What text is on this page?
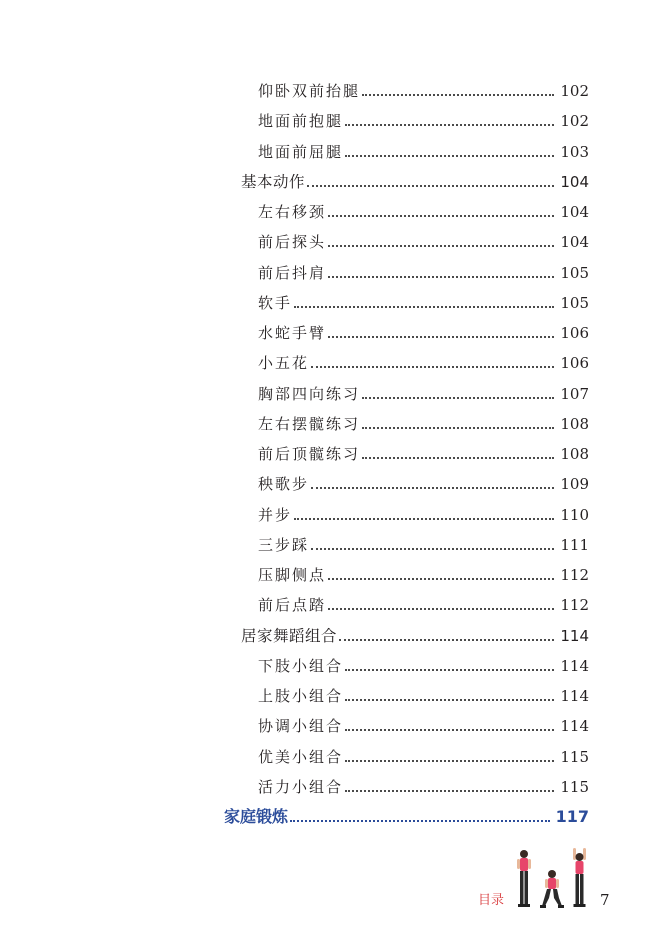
仰卧双前抬腿	102
地面前抱腿	102
地面前屈腿	103
基本动作	104
左右移颈	104
前后探头	104
前后抖肩	105
软手	105
水蛇手臂	106
小五花	106
胸部四向练习	107
左右摆髋练习	108
前后顶髋练习	108
秧歌步	109
并步	110
三步踩	111
压脚侧点	112
前后点踏	112
居家舞蹈组合	114
下肢小组合	114
上肢小组合	114
协调小组合	114
优美小组合	115
活力小组合	115
家庭锻炼	117
目录	7
